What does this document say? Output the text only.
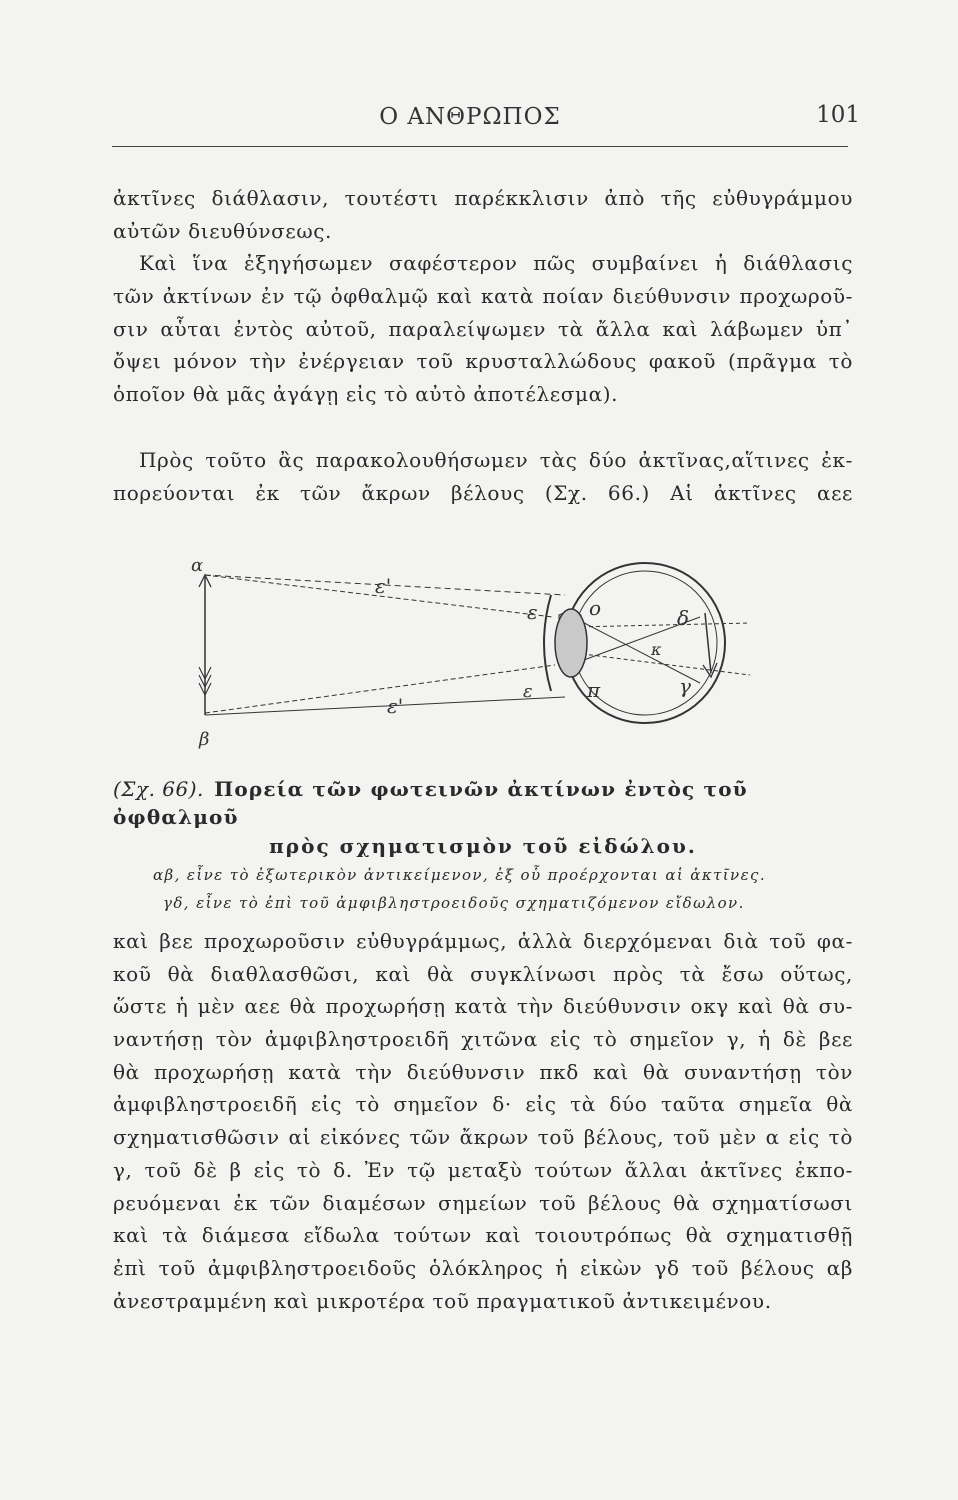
Ο ΑΝΘΡΩΠΟΣ	101
ἀκτῖνες διάθλασιν, τουτέστι παρέκκλισιν ἀπὸ τῆς εὐθυγράμμου
αὐτῶν διευθύνσεως.
Καὶ ἵνα ἐξηγήσωμεν σαφέστερον πῶς συμβαίνει ἡ διάθλασις
τῶν ἀκτίνων ἐν τῷ ὀφθαλμῷ καὶ κατὰ ποίαν διεύθυνσιν προχωροῦ-
σιν αὗται ἐντὸς αὐτοῦ, παραλείψωμεν τὰ ἄλλα καὶ λάβωμεν ὑπ᾽
ὄψει μόνον τὴν ἐνέργειαν τοῦ κρυσταλλώδους φακοῦ (πρᾶγμα τὸ
ὁποῖον θὰ μᾶς ἀγάγῃ εἰς τὸ αὐτὸ ἀποτέλεσμα).
Πρὸς τοῦτο ἂς παρακολουθήσωμεν τὰς δύο ἀκτῖνας,αἵτινες ἐκ-
πορεύονται ἐκ τῶν ἄκρων βέλους (Σχ. 66.) Αἱ ἀκτῖνες αεε
α
β
ε'
ε'
ε
ε
ο
π
κ
γ
δ
(Σχ. 66). Πορεία τῶν φωτεινῶν ἀκτίνων ἐντὸς τοῦ ὀφθαλμοῦ
πρὸς σχηματισμὸν τοῦ εἰδώλου.
αβ, εἶνε τὸ ἐξωτερικὸν ἀντικείμενον, ἐξ οὗ προέρχονται αἱ ἀκτῖνες.
γδ, εἶνε τὸ ἐπὶ τοῦ ἀμφιβληστροειδοῦς σχηματιζόμενον εἴδωλον.
καὶ βεε προχωροῦσιν εὐθυγράμμως, ἀλλὰ διερχόμεναι διὰ τοῦ φα-
κοῦ θὰ διαθλασθῶσι, καὶ θὰ συγκλίνωσι πρὸς τὰ ἔσω οὕτως,
ὥστε ἡ μὲν αεε θὰ προχωρήσῃ κατὰ τὴν διεύθυνσιν οκγ καὶ θὰ συ-
ναντήσῃ τὸν ἀμφιβληστροειδῆ χιτῶνα εἰς τὸ σημεῖον γ, ἡ δὲ βεε
θὰ προχωρήσῃ κατὰ τὴν διεύθυνσιν πκδ καὶ θὰ συναντήσῃ τὸν
ἀμφιβληστροειδῆ εἰς τὸ σημεῖον δ· εἰς τὰ δύο ταῦτα σημεῖα θὰ
σχηματισθῶσιν αἱ εἰκόνες τῶν ἄκρων τοῦ βέλους, τοῦ μὲν α εἰς τὸ
γ, τοῦ δὲ β εἰς τὸ δ. Ἐν τῷ μεταξὺ τούτων ἄλλαι ἀκτῖνες ἐκπο-
ρευόμεναι ἐκ τῶν διαμέσων σημείων τοῦ βέλους θὰ σχηματίσωσι
καὶ τὰ διάμεσα εἴδωλα τούτων καὶ τοιουτρόπως θὰ σχηματισθῇ
ἐπὶ τοῦ ἀμφιβληστροειδοῦς ὁλόκληρος ἡ εἰκὼν γδ τοῦ βέλους αβ
ἀνεστραμμένη καὶ μικροτέρα τοῦ πραγματικοῦ ἀντικειμένου.
